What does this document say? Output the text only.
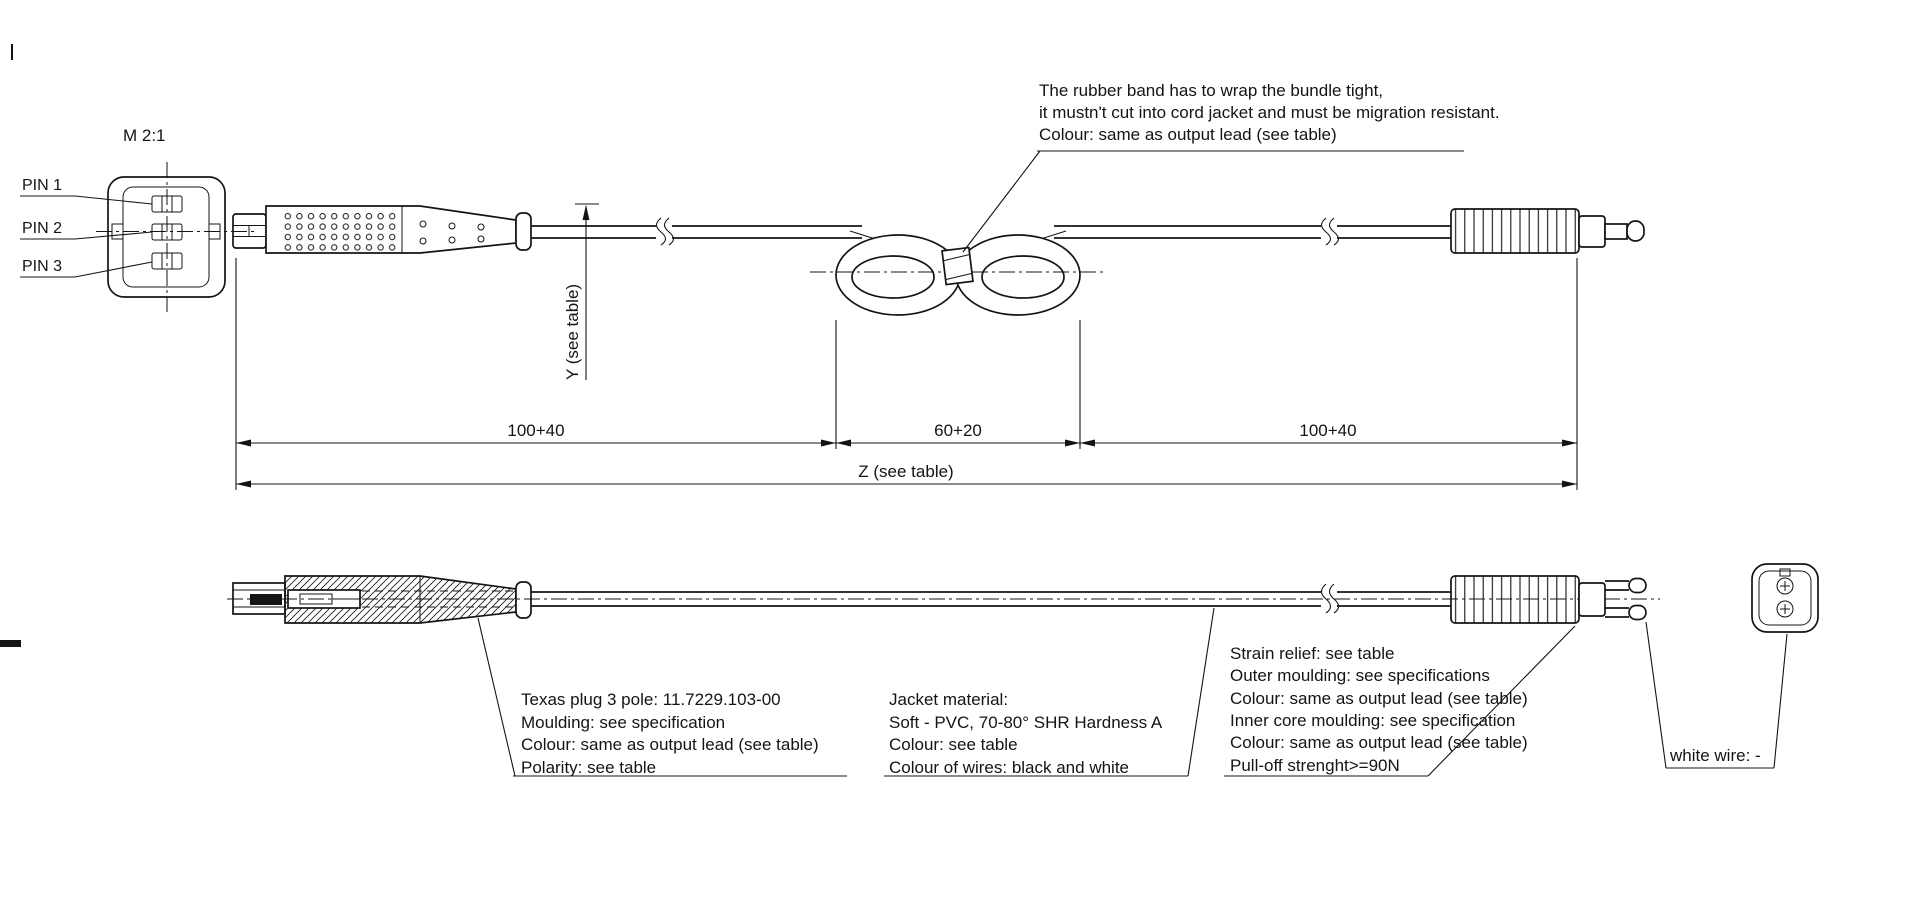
M 2:1
PIN 1
PIN 2
PIN 3
The rubber band has to wrap the bundle tight,
it mustn't cut into cord jacket and must be migration resistant.
Colour: same as output lead (see table)
Y (see table)
100+40	60+20	100+40
Z (see table)
Texas plug 3 pole: 11.7229.103-00
Moulding: see specification
Colour: same as output lead (see table)
Polarity: see table
Jacket material:
Soft - PVC, 70-80° SHR Hardness A
Colour: see table
Colour of wires: black and white
Strain relief: see table
Outer moulding: see specifications
Colour: same as output lead (see table)
Inner core moulding: see specification
Colour: same as output lead (see table)
Pull-off strenght>=90N
white wire: -
